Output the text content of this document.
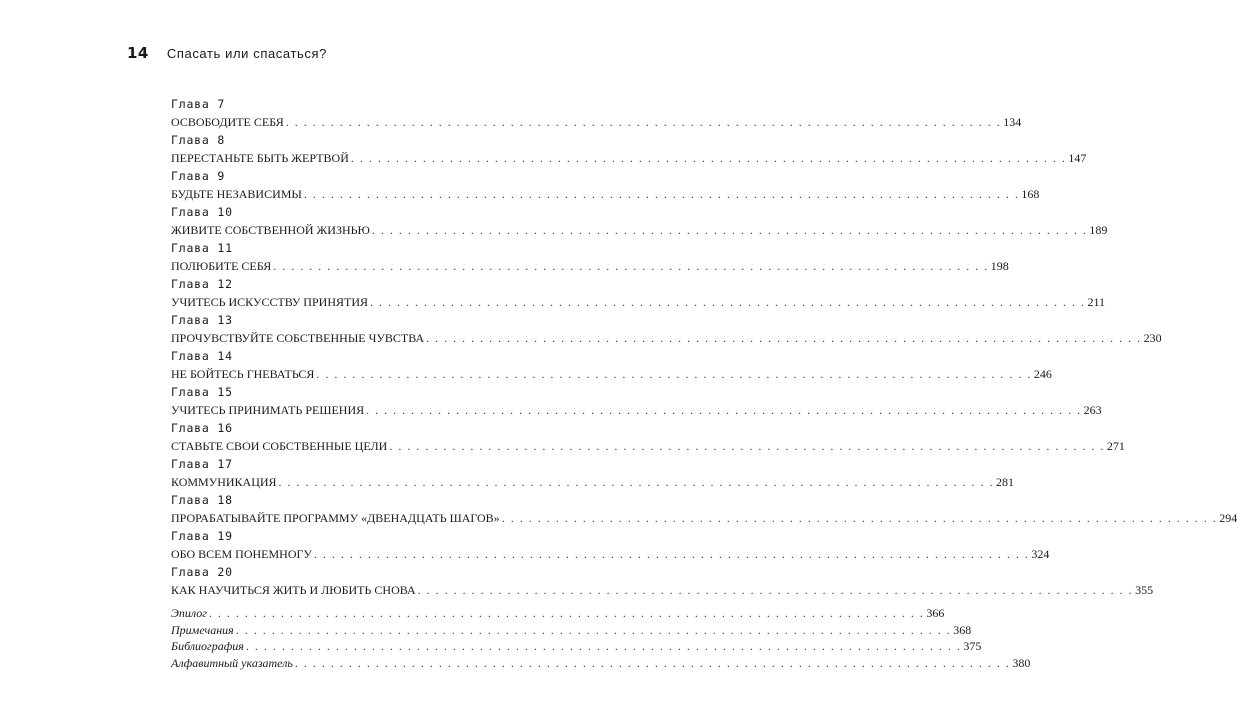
14 Спасать или спасаться?
Глава 7
ОСВОБОДИТЕ СЕБЯ . . . . . . . . . . . . . . . . . . . . . . . . . . . . . . . . . . . . . . . . . . . . . . . . . . . . . . . . . . . . . . . . . . . . . . . . . . . . . . . . 134
Глава 8
ПЕРЕСТАНЬТЕ БЫТЬ ЖЕРТВОЙ . . . . . . . . . . . . . . . . . . . . . . . . . . . . . . . . . . . . . . . . . . . . . . . . . . . . . . . . . . . . . . . . . . . . . . . . . . . . . . . . 147
Глава 9
БУДЬТЕ НЕЗАВИСИМЫ . . . . . . . . . . . . . . . . . . . . . . . . . . . . . . . . . . . . . . . . . . . . . . . . . . . . . . . . . . . . . . . . . . . . . . . . . . . . . . . . 168
Глава 10
ЖИВИТЕ СОБСТВЕННОЙ ЖИЗНЬЮ . . . . . . . . . . . . . . . . . . . . . . . . . . . . . . . . . . . . . . . . . . . . . . . . . . . . . . . . . . . . . . . . . . . . . . . . . . . . . . . . 189
Глава 11
ПОЛЮБИТЕ СЕБЯ . . . . . . . . . . . . . . . . . . . . . . . . . . . . . . . . . . . . . . . . . . . . . . . . . . . . . . . . . . . . . . . . . . . . . . . . . . . . . . . . 198
Глава 12
УЧИТЕСЬ ИСКУССТВУ ПРИНЯТИЯ . . . . . . . . . . . . . . . . . . . . . . . . . . . . . . . . . . . . . . . . . . . . . . . . . . . . . . . . . . . . . . . . . . . . . . . . . . . . . . . . 211
Глава 13
ПРОЧУВСТВУЙТЕ СОБСТВЕННЫЕ ЧУВСТВА . . . . . . . . . . . . . . . . . . . . . . . . . . . . . . . . . . . . . . . . . . . . . . . . . . . . . . . . . . . . . . . . . . . . . . . . . . . . . . . . 230
Глава 14
НЕ БОЙТЕСЬ ГНЕВАТЬСЯ . . . . . . . . . . . . . . . . . . . . . . . . . . . . . . . . . . . . . . . . . . . . . . . . . . . . . . . . . . . . . . . . . . . . . . . . . . . . . . . . 246
Глава 15
УЧИТЕСЬ ПРИНИМАТЬ РЕШЕНИЯ . . . . . . . . . . . . . . . . . . . . . . . . . . . . . . . . . . . . . . . . . . . . . . . . . . . . . . . . . . . . . . . . . . . . . . . . . . . . . . . . 263
Глава 16
СТАВЬТЕ СВОИ СОБСТВЕННЫЕ ЦЕЛИ . . . . . . . . . . . . . . . . . . . . . . . . . . . . . . . . . . . . . . . . . . . . . . . . . . . . . . . . . . . . . . . . . . . . . . . . . . . . . . . . 271
Глава 17
КОММУНИКАЦИЯ . . . . . . . . . . . . . . . . . . . . . . . . . . . . . . . . . . . . . . . . . . . . . . . . . . . . . . . . . . . . . . . . . . . . . . . . . . . . . . . . 281
Глава 18
ПРОРАБАТЫВАЙТЕ ПРОГРАММУ «ДВЕНАДЦАТЬ ШАГОВ» . . . . . . . . . . . . . . . . . . . . . . . . . . . . . . . . . . . . . . . . . . . . . . . . . . . . . . . . . . . . . . . . . . . . . . . . . . . . . . . . 294
Глава 19
ОБО ВСЕМ ПОНЕМНОГУ . . . . . . . . . . . . . . . . . . . . . . . . . . . . . . . . . . . . . . . . . . . . . . . . . . . . . . . . . . . . . . . . . . . . . . . . . . . . . . . . 324
Глава 20
КАК НАУЧИТЬСЯ ЖИТЬ И ЛЮБИТЬ СНОВА . . . . . . . . . . . . . . . . . . . . . . . . . . . . . . . . . . . . . . . . . . . . . . . . . . . . . . . . . . . . . . . . . . . . . . . . . . . . . . . . 355
Эпилог . . . . . . . . . . . . . . . . . . . . . . . . . . . . . . . . . . . . . . . . . . . . . . . . . . . . . . . . . . . . . . . . . . . . . . . . . . . . . . . . 366
Примечания . . . . . . . . . . . . . . . . . . . . . . . . . . . . . . . . . . . . . . . . . . . . . . . . . . . . . . . . . . . . . . . . . . . . . . . . . . . . . . . . 368
Библиография . . . . . . . . . . . . . . . . . . . . . . . . . . . . . . . . . . . . . . . . . . . . . . . . . . . . . . . . . . . . . . . . . . . . . . . . . . . . . . . . 375
Алфавитный указатель . . . . . . . . . . . . . . . . . . . . . . . . . . . . . . . . . . . . . . . . . . . . . . . . . . . . . . . . . . . . . . . . . . . . . . . . . . . . . . . . 380
